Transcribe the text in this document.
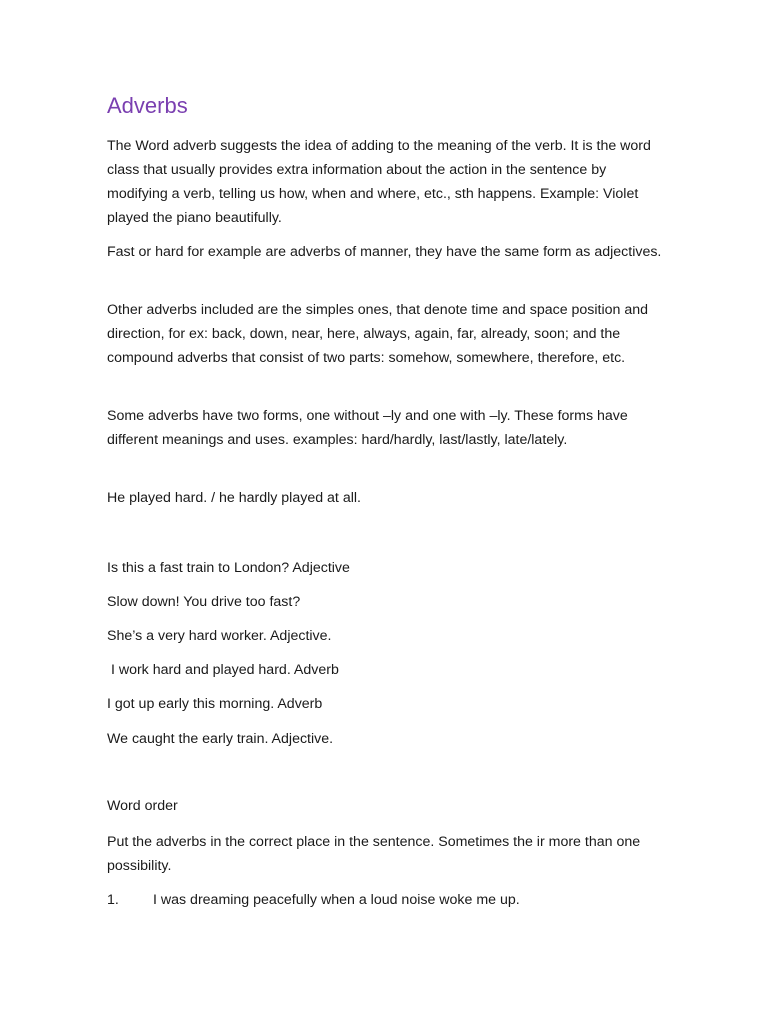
Adverbs

The Word adverb suggests the idea of adding to the meaning of the verb. It is the word class that usually provides extra information about the action in the sentence by modifying a verb, telling us how, when and where, etc., sth happens. Example: Violet played the piano beautifully.

Fast or hard for example are adverbs of manner, they have the same form as adjectives.

Other adverbs included are the simples ones, that denote time and space position and direction, for ex: back, down, near, here, always, again, far, already, soon; and the compound adverbs that consist of two parts: somehow, somewhere, therefore, etc.

Some adverbs have two forms, one without –ly and one with –ly. These forms have different meanings and uses. examples: hard/hardly, last/lastly, late/lately.

He played hard. / he hardly played at all.

Is this a fast train to London? Adjective

Slow down! You drive too fast?

She’s a very hard worker. Adjective.

I work hard and played hard. Adverb

I got up early this morning. Adverb

We caught the early train. Adjective.

Word order

Put the adverbs in the correct place in the sentence. Sometimes the ir more than one possibility.

1. I was dreaming peacefully when a loud noise woke me up.
